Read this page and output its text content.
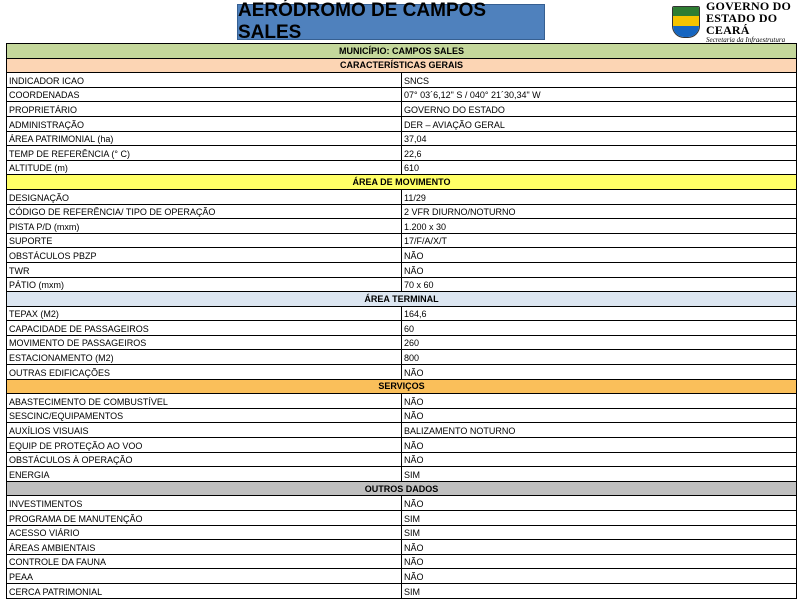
AERÓDROMO DE CAMPOS SALES
GOVERNO DO
ESTADO DO CEARÁ
Secretaria da Infraestrutura
MUNICÍPIO: CAMPOS SALES	
CARACTERÍSTICAS GERAIS	
INDICADOR ICAO	SNCS
COORDENADAS	07° 03´6,12" S / 040° 21´30,34" W
PROPRIETÁRIO	GOVERNO DO ESTADO
ADMINISTRAÇÃO	DER – AVIAÇÃO GERAL
ÁREA PATRIMONIAL (ha)	37,04
TEMP DE REFERÊNCIA (° C)	22,6
ALTITUDE (m)	610
ÁREA DE MOVIMENTO	
DESIGNAÇÃO	11/29
CÓDIGO DE REFERÊNCIA/ TIPO DE OPERAÇÃO	2 VFR DIURNO/NOTURNO
PISTA P/D (mxm)	1.200 x 30
SUPORTE	17/F/A/X/T
OBSTÁCULOS PBZP	NÃO
TWR	NÃO
PÁTIO (mxm)	70 x 60
ÁREA TERMINAL	
TEPAX (M2)	164,6
CAPACIDADE DE PASSAGEIROS	60
MOVIMENTO DE PASSAGEIROS	260
ESTACIONAMENTO (M2)	800
OUTRAS EDIFICAÇÕES	NÃO
SERVIÇOS	
ABASTECIMENTO DE COMBUSTÍVEL	NÃO
SESCINC/EQUIPAMENTOS	NÃO
AUXÍLIOS VISUAIS	BALIZAMENTO NOTURNO
EQUIP DE PROTEÇÃO AO VOO	NÃO
OBSTÁCULOS À OPERAÇÃO	NÃO
ENERGIA	SIM
OUTROS DADOS	
INVESTIMENTOS	NÃO
PROGRAMA DE MANUTENÇÃO	SIM
ACESSO VIÁRIO	SIM
ÁREAS AMBIENTAIS	NÃO
CONTROLE DA FAUNA	NÃO
PEAA	NÃO
CERCA PATRIMONIAL	SIM
